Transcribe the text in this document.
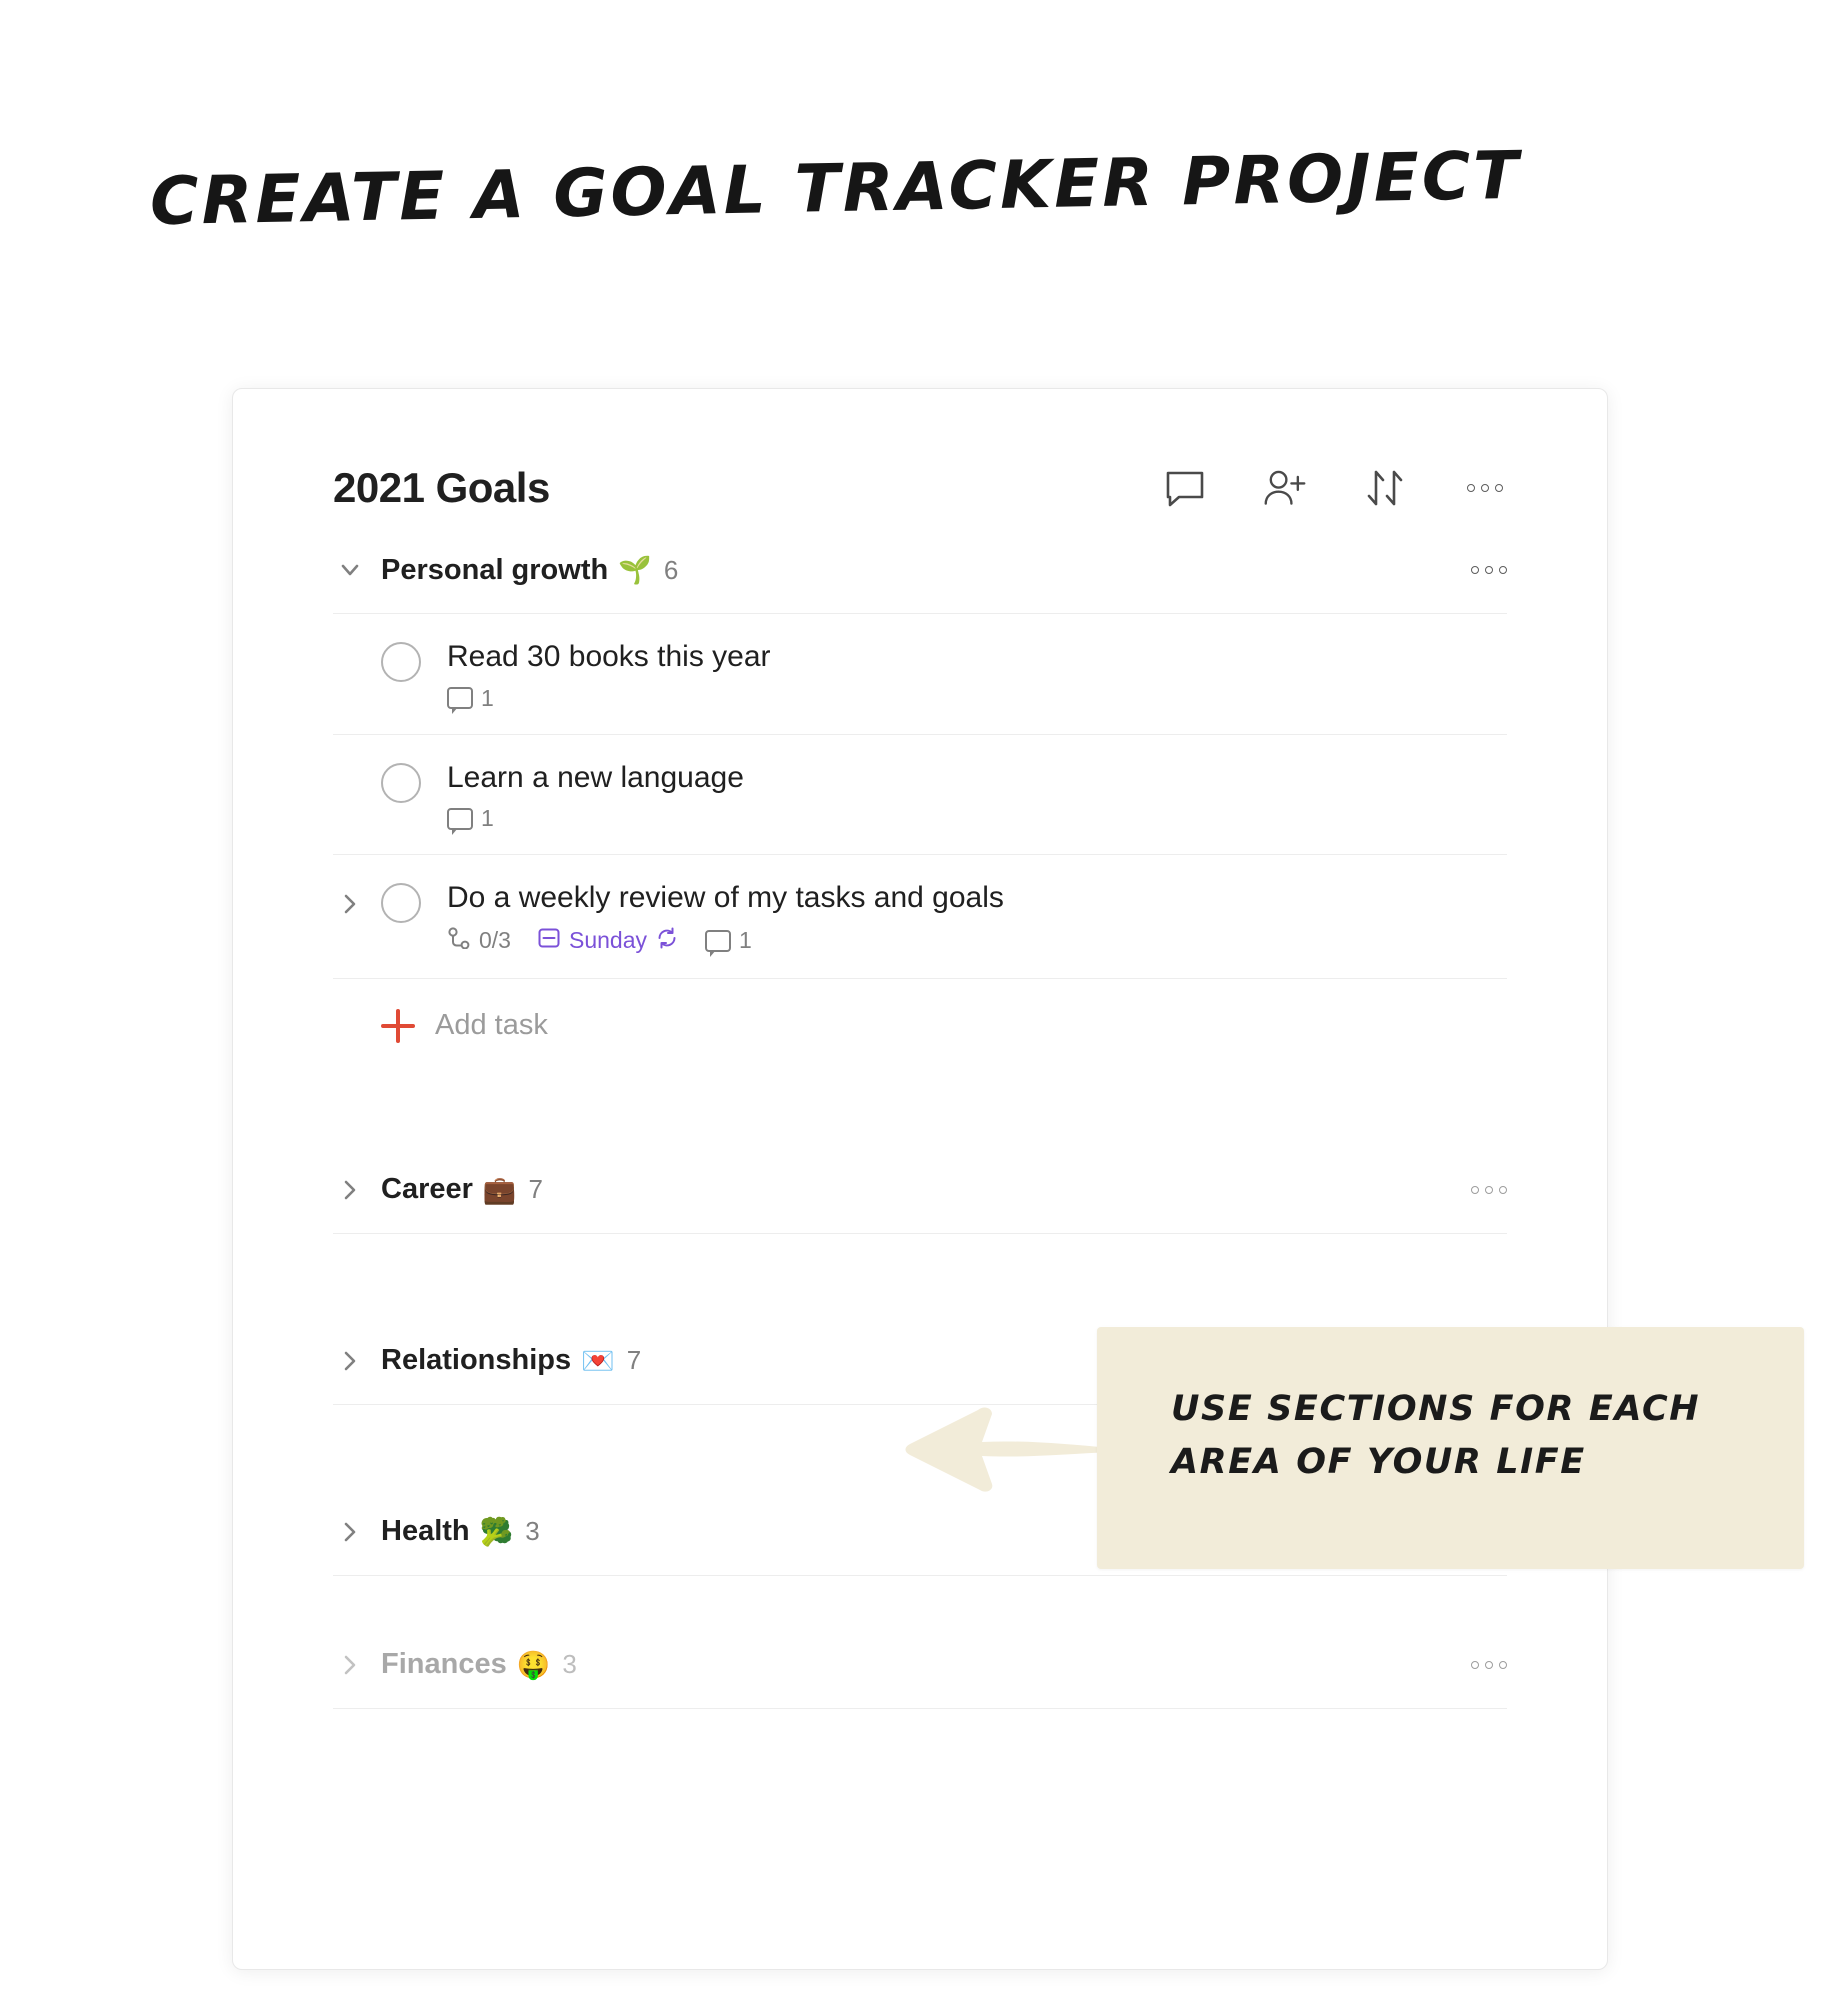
CREATE A GOAL TRACKER PROJECT
2021 Goals
Personal growth 🌱 6
Read 30 books this year
1
Learn a new language
1
Do a weekly review of my tasks and goals
0/3	Sunday	1
Add task
Career 💼 7
Relationships 💌 7
Health 🥦 3
Finances 🤑 3
USE SECTIONS FOR EACH
AREA OF YOUR LIFE
